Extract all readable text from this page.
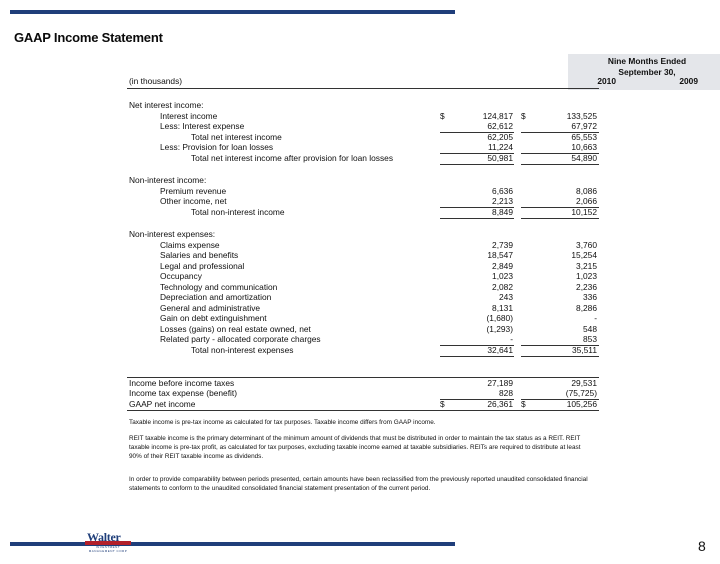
GAAP Income Statement
Nine Months Ended
September 30,
(in thousands)	2010	2009
Net interest income:
Interest income	$	124,817 $	133,525
Less: Interest expense	62,612	67,972
Total net interest income	62,205	65,553
Less: Provision for loan losses	11,224	10,663
Total net interest income after provision for loan losses	50,981	54,890
Non-interest income:
Premium revenue	6,636	8,086
Other income, net	2,213	2,066
Total non-interest income	8,849	10,152
Non-interest expenses:
Claims expense	2,739	3,760
Salaries and benefits	18,547	15,254
Legal and professional	2,849	3,215
Occupancy	1,023	1,023
Technology and communication	2,082	2,236
Depreciation and amortization	243	336
General and administrative	8,131	8,286
Gain on debt extinguishment	(1,680)	-
Losses (gains) on real estate owned, net	(1,293)	548
Related party - allocated corporate charges	-	853
Total non-interest expenses	32,641	35,511
Income before income taxes	27,189	29,531
Income tax expense (benefit)	828	(75,725)
GAAP net income	$	26,361 $	105,256

Taxable income is pre-tax income as calculated for tax purposes. Taxable income differs from GAAP income.

REIT taxable income is the primary determinant of the minimum amount of dividends that must be distributed in order to maintain the tax status as a REIT. REIT taxable income is pre-tax profit, as calculated for tax purposes, excluding taxable income earned at taxable subsidiaries. REITs are required to distribute at least 90% of their REIT taxable income as dividends.

In order to provide comparability between periods presented, certain amounts have been reclassified from the previously reported unaudited consolidated financial statements to conform to the unaudited consolidated financial statement presentation of the current period.

Walter
INVESTMENT MANAGEMENT CORP	8
